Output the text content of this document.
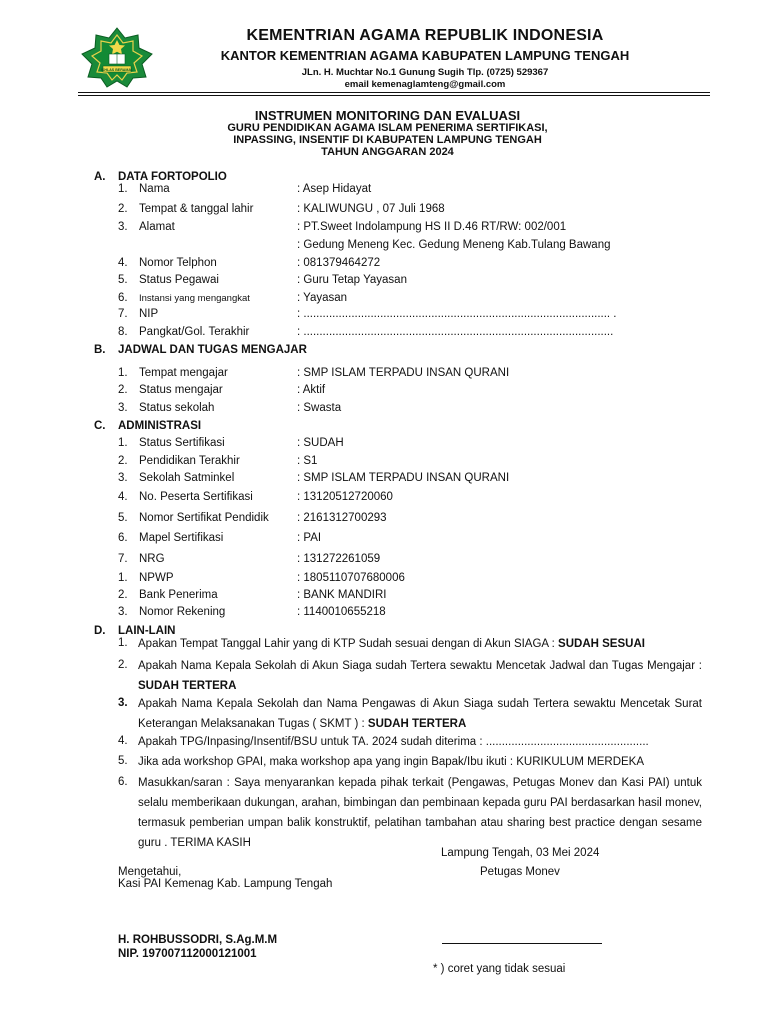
IKHLAS BERAMAL
KEMENTRIAN AGAMA REPUBLIK INDONESIA
KANTOR KEMENTRIAN AGAMA KABUPATEN LAMPUNG TENGAH
JLn. H. Muchtar No.1 Gunung Sugih Tlp. (0725) 529367
email kemenaglamteng@gmail.com
INSTRUMEN MONITORING DAN EVALUASI
GURU PENDIDIKAN AGAMA ISLAM PENERIMA SERTIFIKASI,
INPASSING, INSENTIF DI KABUPATEN LAMPUNG TENGAH
TAHUN ANGGARAN 2024
A. DATA FORTOPOLIO
1. Nama	: Asep Hidayat
2. Tempat & tanggal lahir	: KALIWUNGU , 07 Juli 1968
3. Alamat	: PT.Sweet Indolampung HS II D.46 RT/RW: 002/001
: Gedung Meneng Kec. Gedung Meneng Kab.Tulang Bawang
4. Nomor Telphon	: 081379464272
5. Status Pegawai	: Guru Tetap Yayasan
6. Instansi yang mengangkat	: Yayasan
7. NIP	: ................................................................................................ .
8. Pangkat/Gol. Terakhir	: .................................................................................................
B. JADWAL DAN TUGAS MENGAJAR
1. Tempat mengajar	: SMP ISLAM TERPADU INSAN QURANI
2. Status mengajar	: Aktif
3. Status sekolah	: Swasta
C. ADMINISTRASI
1. Status Sertifikasi	: SUDAH
2. Pendidikan Terakhir	: S1
3. Sekolah Satminkel	: SMP ISLAM TERPADU INSAN QURANI
4. No. Peserta Sertifikasi	: 13120512720060
5. Nomor Sertifikat Pendidik : 2161312700293
6. Mapel Sertifikasi	: PAI
7. NRG	: 131272261059
1. NPWP	: 1805110707680006
2. Bank Penerima	: BANK MANDIRI
3. Nomor Rekening	: 1140010655218
D. LAIN-LAIN
1. Apakan Tempat Tanggal Lahir yang di KTP Sudah sesuai dengan di Akun SIAGA : SUDAH SESUAI
2. Apakah Nama Kepala Sekolah di Akun Siaga sudah Tertera sewaktu Mencetak Jadwal dan Tugas Mengajar : SUDAH TERTERA
3. Apakah Nama Kepala Sekolah dan Nama Pengawas di Akun Siaga sudah Tertera sewaktu Mencetak Surat Keterangan Melaksanakan Tugas ( SKMT ) : SUDAH TERTERA
4. Apakah TPG/Inpasing/Insentif/BSU untuk TA. 2024 sudah diterima : ...................................................
5. Jika ada workshop GPAI, maka workshop apa yang ingin Bapak/Ibu ikuti : KURIKULUM MERDEKA
6. Masukkan/saran : Saya menyarankan kepada pihak terkait (Pengawas, Petugas Monev dan Kasi PAI) untuk selalu memberikaan dukungan, arahan, bimbingan dan pembinaan kepada guru PAI berdasarkan hasil monev, termasuk pemberian umpan balik konstruktif, pelatihan tambahan atau sharing best practice dengan sesame guru . TERIMA KASIH
Lampung Tengah, 03 Mei 2024
Mengetahui,	Petugas Monev
Kasi PAI Kemenag Kab. Lampung Tengah
H. ROHBUSSODRI, S.Ag.M.M
NIP. 197007112000121001
* ) coret yang tidak sesuai
